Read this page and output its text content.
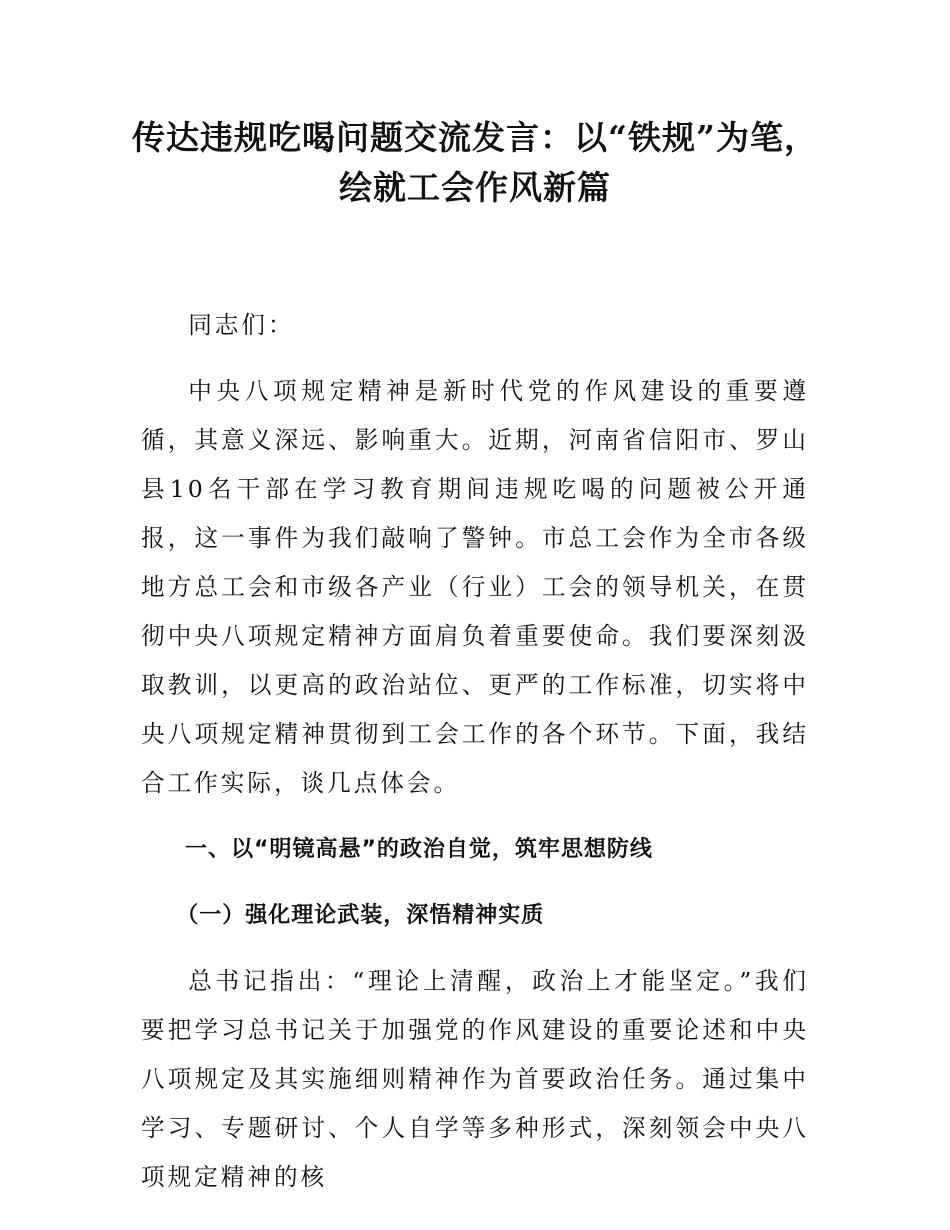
传达违规吃喝问题交流发言：以“铁规”为笔，绘就工会作风新篇

同志们：

中央八项规定精神是新时代党的作风建设的重要遵循，其意义深远、影响重大。近期，河南省信阳市、罗山县10名干部在学习教育期间违规吃喝的问题被公开通报，这一事件为我们敲响了警钟。市总工会作为全市各级地方总工会和市级各产业（行业）工会的领导机关，在贯彻中央八项规定精神方面肩负着重要使命。我们要深刻汲取教训，以更高的政治站位、更严的工作标准，切实将中央八项规定精神贯彻到工会工作的各个环节。下面，我结合工作实际，谈几点体会。

一、以“明镜高悬”的政治自觉，筑牢思想防线

（一）强化理论武装，深悟精神实质

总书记指出：“理论上清醒，政治上才能坚定。”我们要把学习总书记关于加强党的作风建设的重要论述和中央八项规定及其实施细则精神作为首要政治任务。通过集中学习、专题研讨、个人自学等多种形式，深刻领会中央八项规定精神的核
